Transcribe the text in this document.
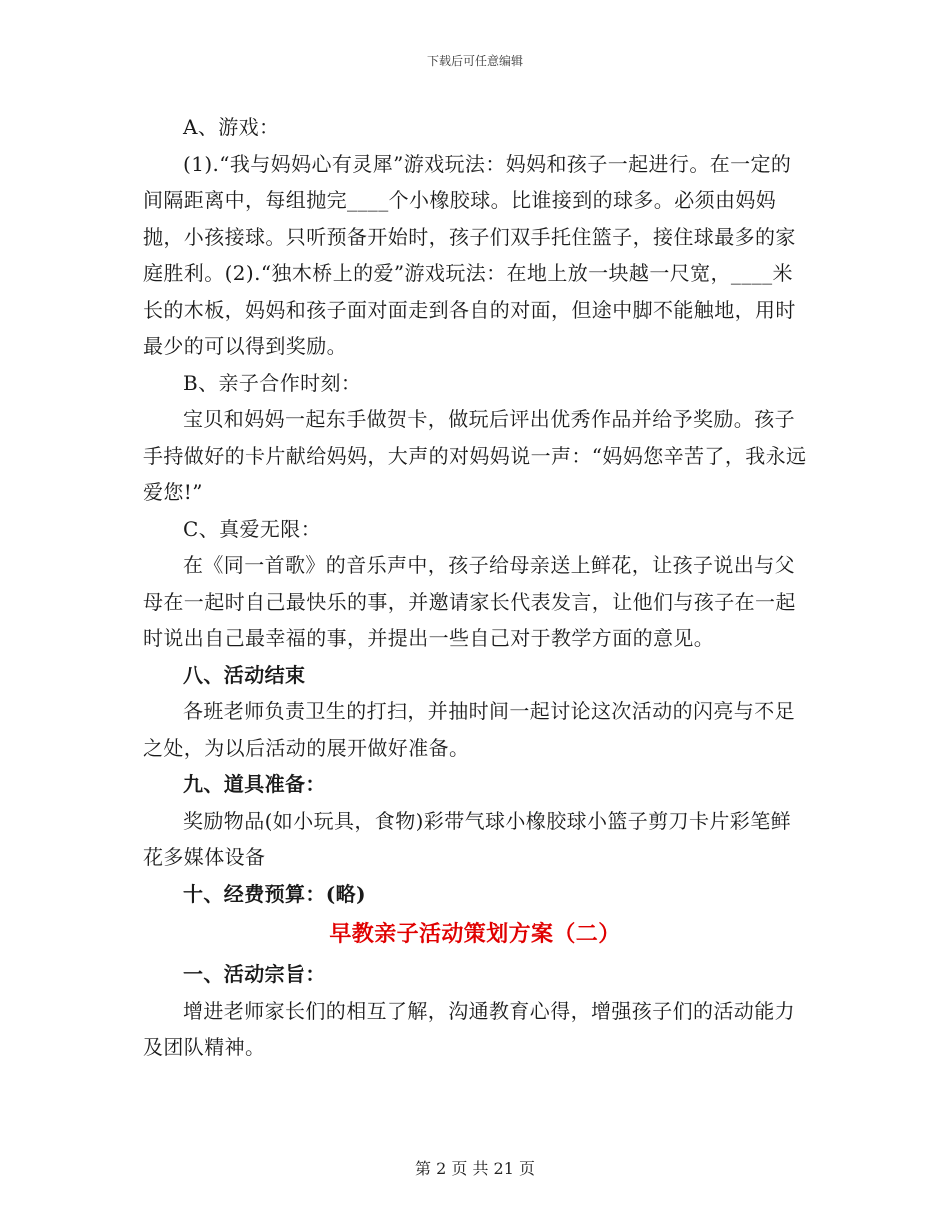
下载后可任意编辑

A、游戏：

(1).“我与妈妈心有灵犀”游戏玩法：妈妈和孩子一起进行。在一定的间隔距离中，每组抛完____个小橡胶球。比谁接到的球多。必须由妈妈抛，小孩接球。只听预备开始时，孩子们双手托住篮子，接住球最多的家庭胜利。(2).“独木桥上的爱”游戏玩法：在地上放一块越一尺宽，____米长的木板，妈妈和孩子面对面走到各自的对面，但途中脚不能触地，用时最少的可以得到奖励。

B、亲子合作时刻：

宝贝和妈妈一起东手做贺卡，做玩后评出优秀作品并给予奖励。孩子手持做好的卡片献给妈妈，大声的对妈妈说一声：“妈妈您辛苦了，我永远爱您!”

C、真爱无限：

在《同一首歌》的音乐声中，孩子给母亲送上鲜花，让孩子说出与父母在一起时自己最快乐的事，并邀请家长代表发言，让他们与孩子在一起时说出自己最幸福的事，并提出一些自己对于教学方面的意见。

八、活动结束

各班老师负责卫生的打扫，并抽时间一起讨论这次活动的闪亮与不足之处，为以后活动的展开做好准备。

九、道具准备：

奖励物品(如小玩具，食物)彩带气球小橡胶球小篮子剪刀卡片彩笔鲜花多媒体设备

十、经费预算：(略)

早教亲子活动策划方案（二）

一、活动宗旨：

增进老师家长们的相互了解，沟通教育心得，增强孩子们的活动能力及团队精神。

第 2 页 共 21 页
